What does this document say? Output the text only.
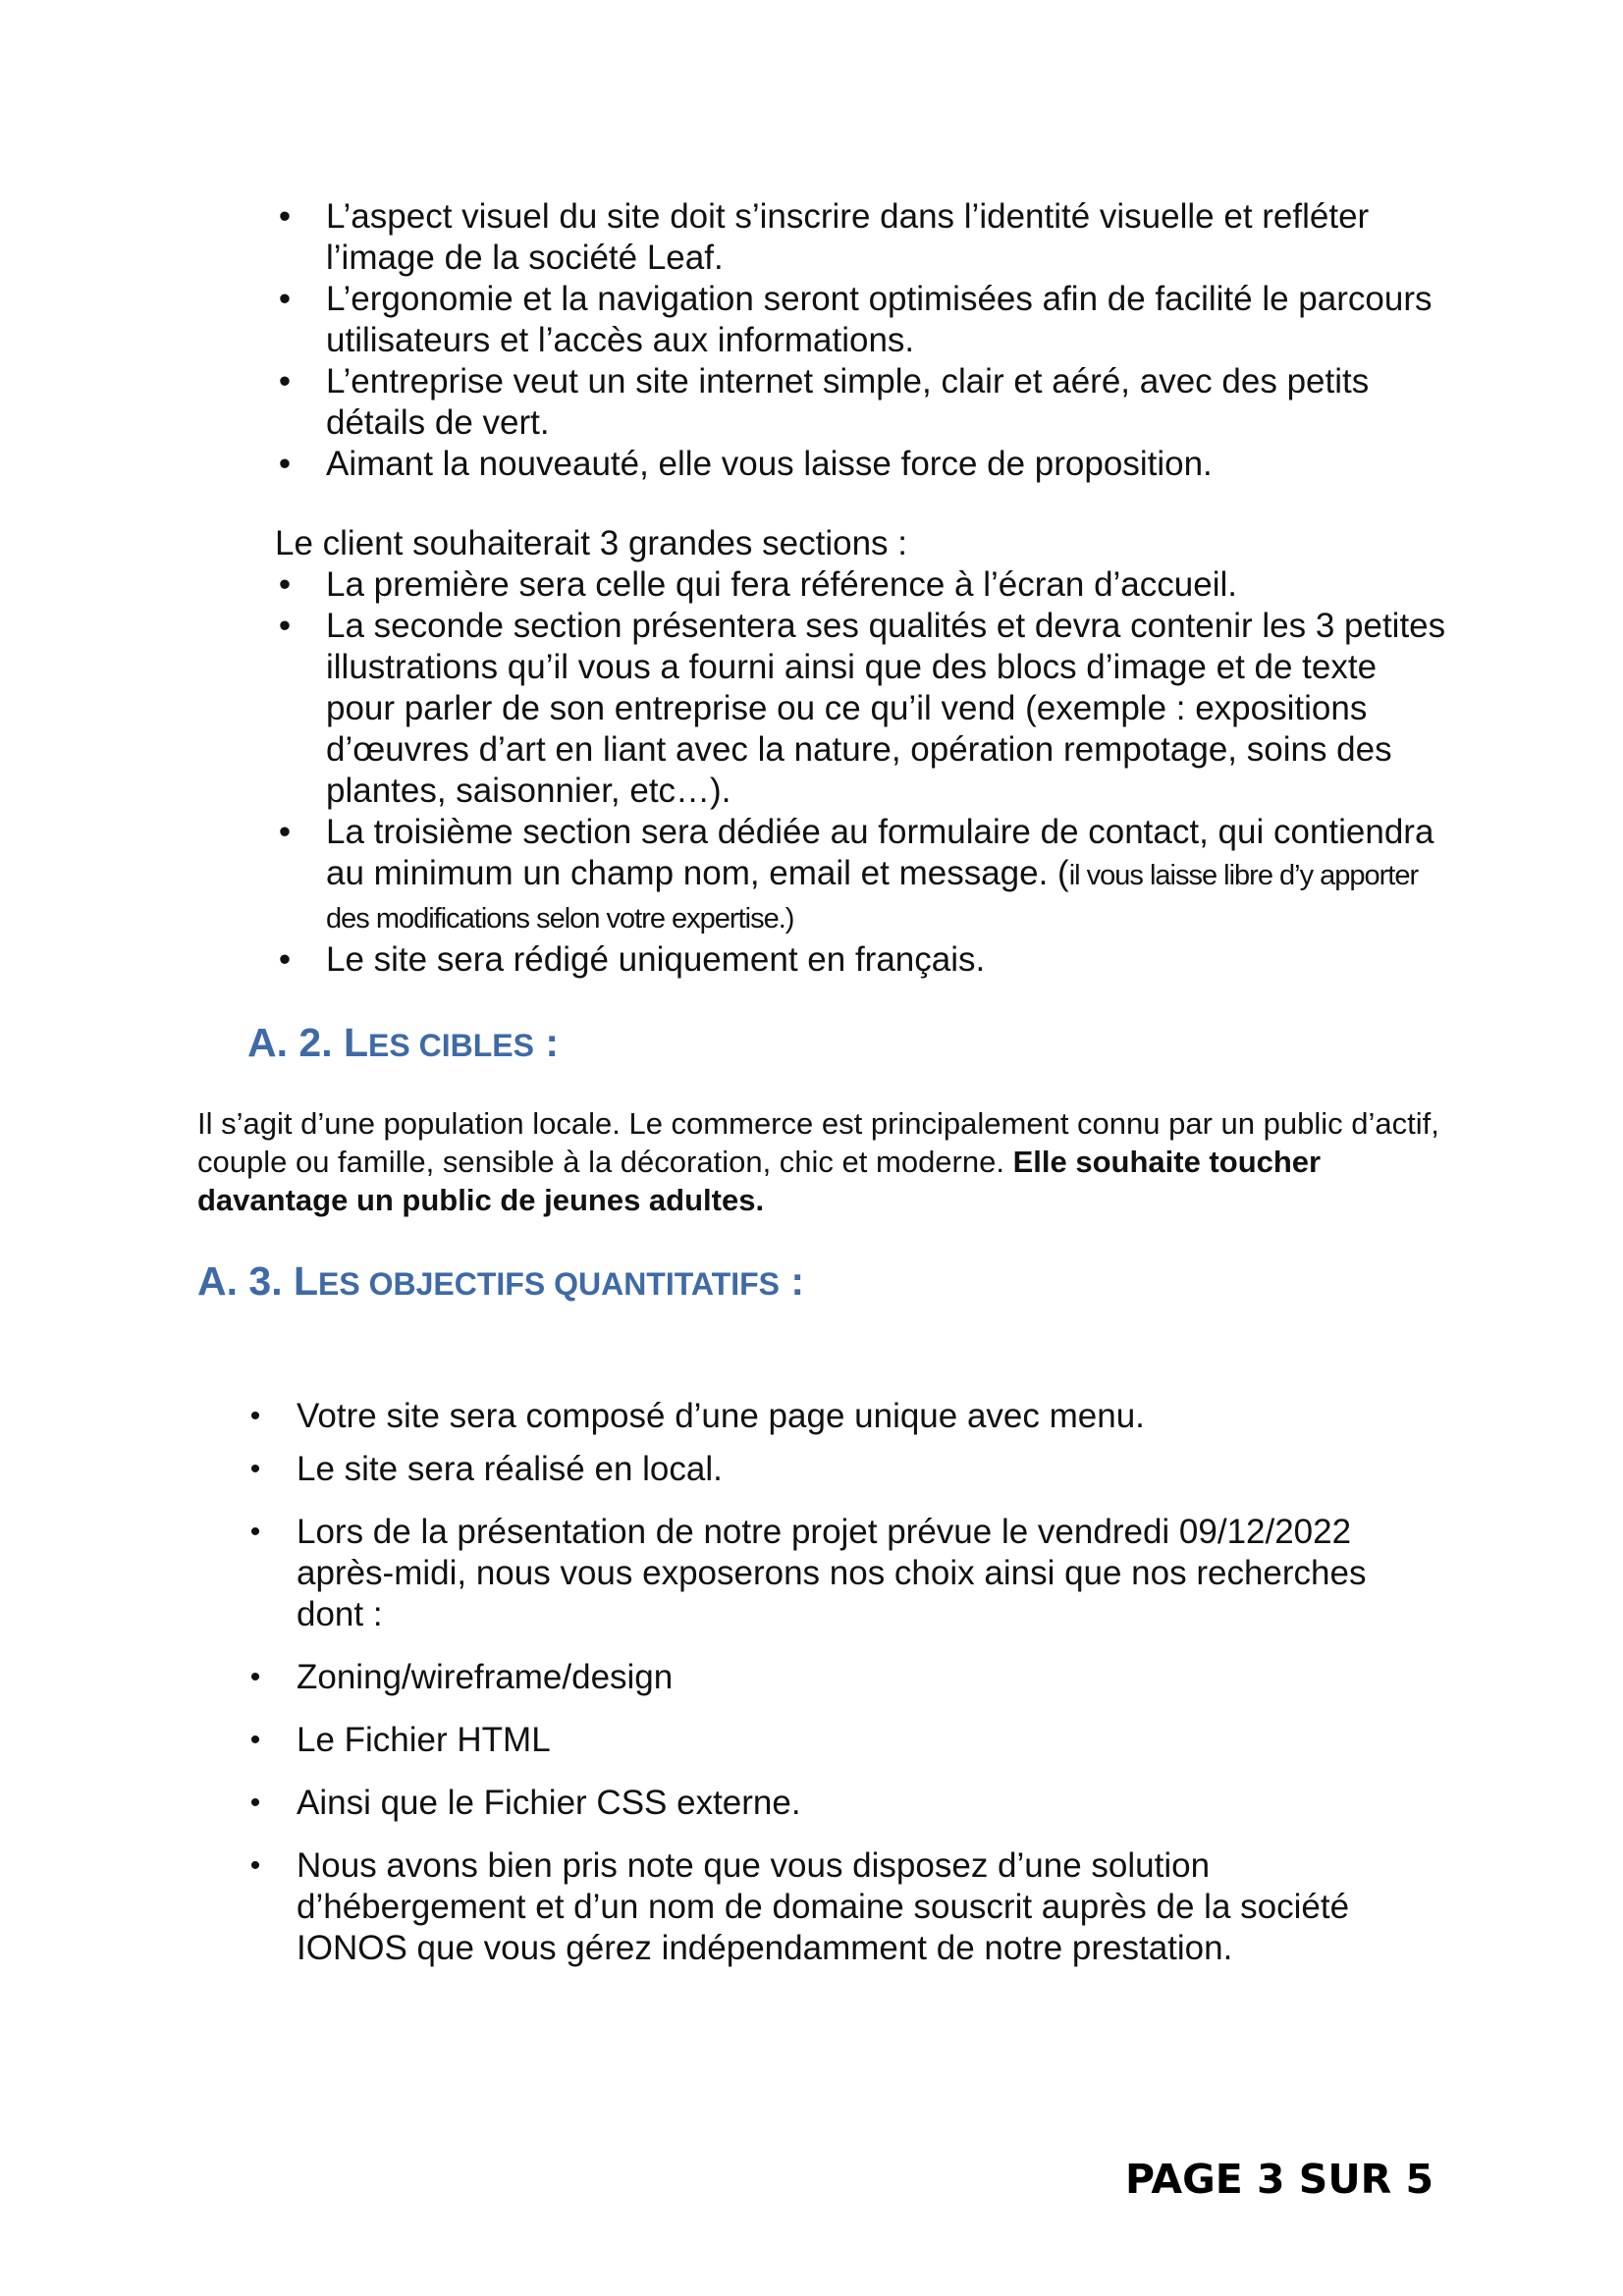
• L’aspect visuel du site doit s’inscrire dans l’identité visuelle et refléter l’image de la société Leaf.
• L’ergonomie et la navigation seront optimisées afin de facilité le parcours utilisateurs et l’accès aux informations.
• L’entreprise veut un site internet simple, clair et aéré, avec des petits détails de vert.
• Aimant la nouveauté, elle vous laisse force de proposition.

Le client souhaiterait 3 grandes sections :

• La première sera celle qui fera référence à l’écran d’accueil.
• La seconde section présentera ses qualités et devra contenir les 3 petites illustrations qu’il vous a fourni ainsi que des blocs d’image et de texte pour parler de son entreprise ou ce qu’il vend (exemple : expositions d’œuvres d’art en liant avec la nature, opération rempotage, soins des plantes, saisonnier, etc…).
• La troisième section sera dédiée au formulaire de contact, qui contiendra au minimum un champ nom, email et message. (il vous laisse libre d’y apporter des modifications selon votre expertise.)
• Le site sera rédigé uniquement en français.
A. 2. LES CIBLES :

Il s’agit d’une population locale. Le commerce est principalement connu par un public d’actif, couple ou famille, sensible à la décoration, chic et moderne. Elle souhaite toucher davantage un public de jeunes adultes.

A. 3. LES OBJECTIFS QUANTITATIFS :
• Votre site sera composé d’une page unique avec menu.
• Le site sera réalisé en local.
• Lors de la présentation de notre projet prévue le vendredi 09/12/2022 après-midi, nous vous exposerons nos choix ainsi que nos recherches dont :
• Zoning/wireframe/design
• Le Fichier HTML
• Ainsi que le Fichier CSS externe.
• Nous avons bien pris note que vous disposez d’une solution d’hébergement et d’un nom de domaine souscrit auprès de la société IONOS que vous gérez indépendamment de notre prestation.
PAGE 3 SUR 5
